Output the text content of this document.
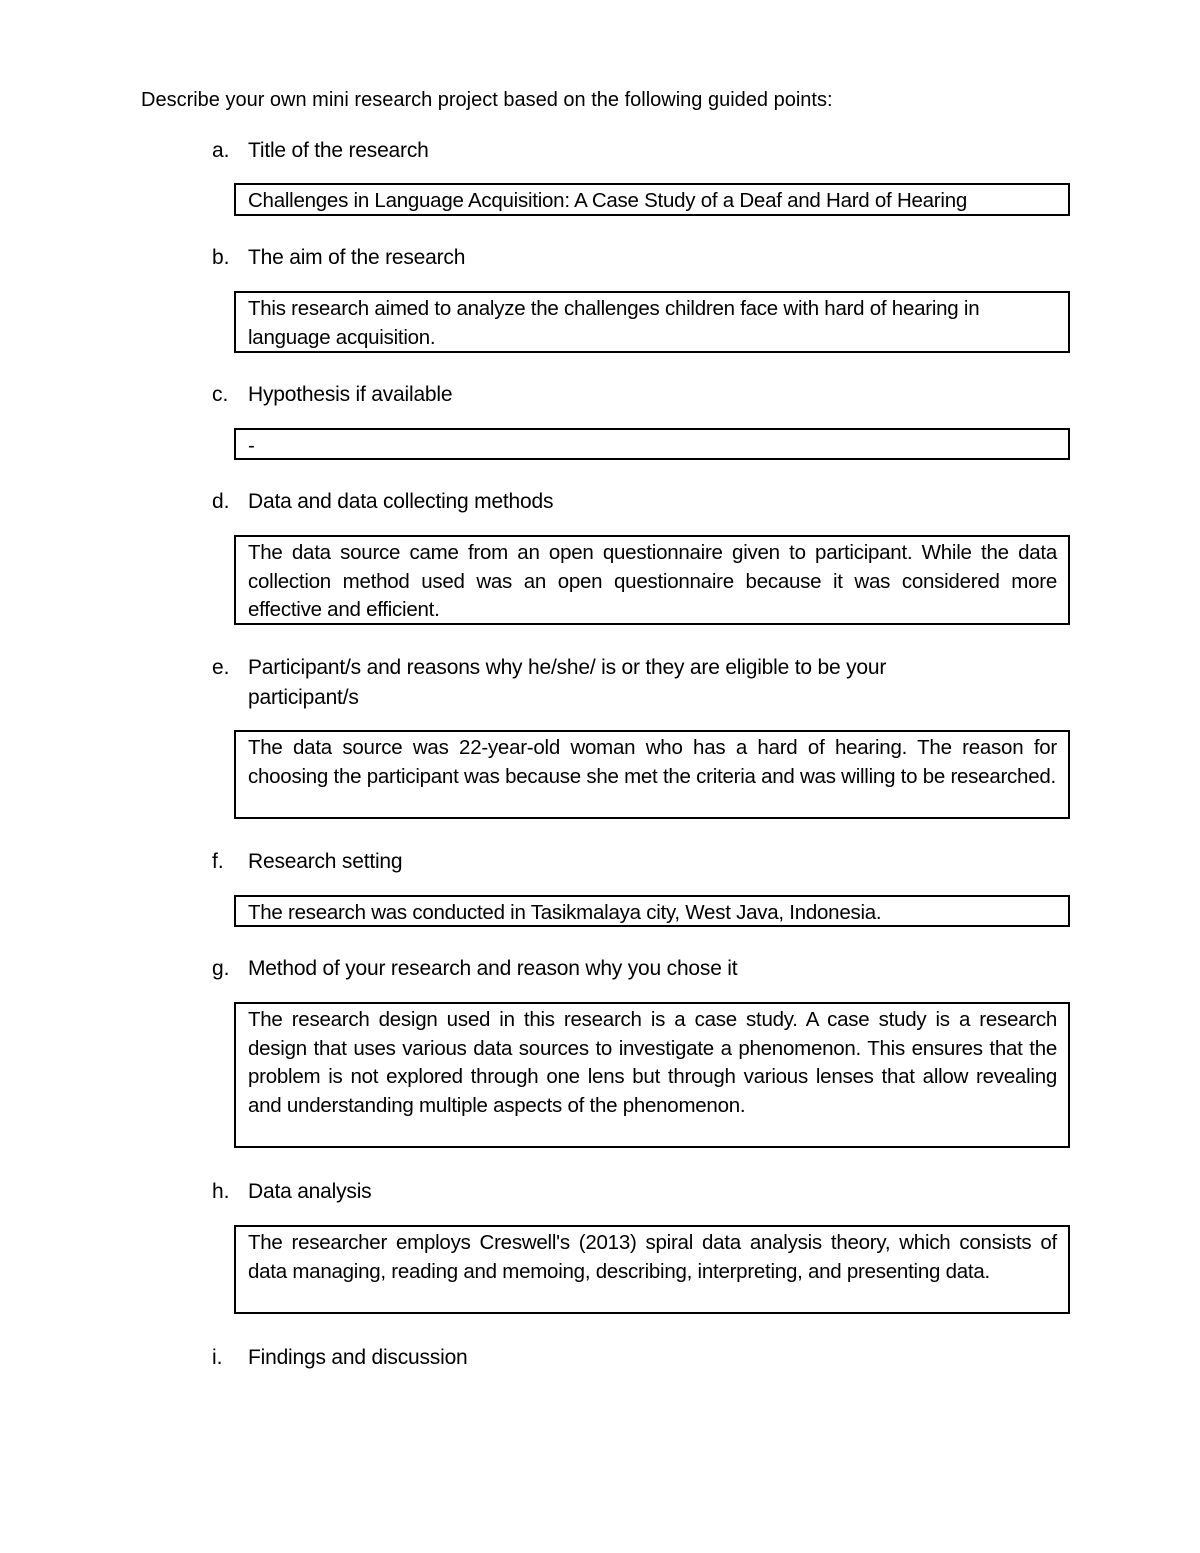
Describe your own mini research project based on the following guided points:
a. Title of the research
Challenges in Language Acquisition: A Case Study of a Deaf and Hard of Hearing
b. The aim of the research
This research aimed to analyze the challenges children face with hard of hearing in language acquisition.
c. Hypothesis if available
-
d. Data and data collecting methods
The data source came from an open questionnaire given to participant. While the data collection method used was an open questionnaire because it was considered more effective and efficient.
e. Participant/s and reasons why he/she/ is or they are eligible to be your participant/s
The data source was 22-year-old woman who has a hard of hearing. The reason for choosing the participant was because she met the criteria and was willing to be researched.
f. Research setting
The research was conducted in Tasikmalaya city, West Java, Indonesia.
g. Method of your research and reason why you chose it
The research design used in this research is a case study. A case study is a research design that uses various data sources to investigate a phenomenon. This ensures that the problem is not explored through one lens but through various lenses that allow revealing and understanding multiple aspects of the phenomenon.
h. Data analysis
The researcher employs Creswell's (2013) spiral data analysis theory, which consists of data managing, reading and memoing, describing, interpreting, and presenting data.
i. Findings and discussion
